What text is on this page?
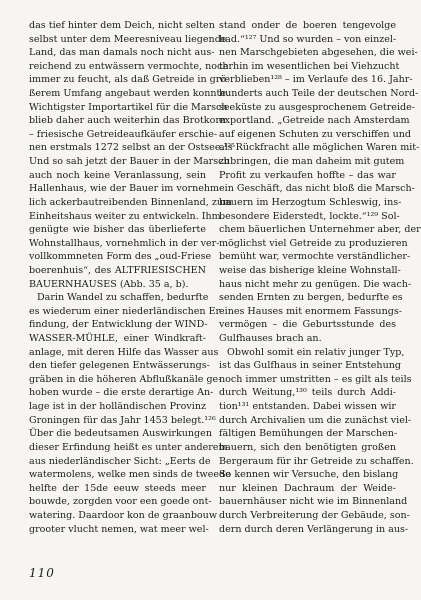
das tief hinter dem Deich, nicht selten
selbst unter dem Meeresniveau liegende
Land, das man damals noch nicht aus-
reichend zu entwässern vermochte, noch
immer zu feucht, als daß Getreide in grö-
ßerem Umfang angebaut werden konnte.
Wichtigster Importartikel für die Marsch
blieb daher auch weiterhin das Brotkorn
– friesische Getreideaufkäufer erschie-
nen erstmals 1272 selbst an der Ostsee.¹²⁵
Und so sah jetzt der Bauer in der Marsch
auch noch keine Veranlassung, sein
Hallenhaus, wie der Bauer im vornehm-
lich ackerbautreibenden Binnenland, zum
Einheitshaus weiter zu entwickeln. Ihm
genügte wie bisher das überlieferte
Wohnstallhaus, vornehmlich in der ver-
vollkommneten Form des „oud-Friese
boerenhuis“, des ALTFRIESISCHEN
BAUERNHAUSES (Abb. 35 a, b).
Darin Wandel zu schaffen, bedurfte
es wiederum einer niederländischen Er-
findung, der Entwicklung der WIND-
WASSER-MÜHLE, einer Windkraft-
anlage, mit deren Hilfe das Wasser aus
den tiefer gelegenen Entwässerungs-
gräben in die höheren Abflußkanäle ge-
hoben wurde – die erste derartige An-
lage ist in der holländischen Provinz
Groningen für das Jahr 1453 belegt.¹²⁶
Über die bedeutsamen Auswirkungen
dieser Erfindung heißt es unter anderem
aus niederländischer Sicht: „Eerts de
watermolens, welke men sinds de tweede
helfte der 15de eeuw steeds meer
bouwde, zorgden voor een goede ont-
watering. Daardoor kon de graanbouw
grooter vlucht nemen, wat meer wel-
stand onder de boeren tengevolge
had.“¹²⁷ Und so wurden – von einzel-
nen Marschgebieten abgesehen, die wei-
terhin im wesentlichen bei Viehzucht
verblieben¹²⁸ – im Verlaufe des 16. Jahr-
hunderts auch Teile der deutschen Nord-
seeküste zu ausgesprochenem Getreide-
exportland. „Getreide nach Amsterdam
auf eigenen Schuten zu verschiffen und
als Rückfracht alle möglichen Waren mit-
zubringen, die man daheim mit gutem
Profit zu verkaufen hoffte – das war
ein Geschäft, das nicht bloß die Marsch-
bauern im Herzogtum Schleswig, ins-
besondere Eiderstedt, lockte.“¹²⁹ Sol-
chem bäuerlichen Unternehmer aber, der
möglichst viel Getreide zu produzieren
bemüht war, vermochte verständlicher-
weise das bisherige kleine Wohnstall-
haus nicht mehr zu genügen. Die wach-
senden Ernten zu bergen, bedurfte es
eines Hauses mit enormem Fassungs-
vermögen – die Geburtsstunde des
Gulfhauses brach an.
Obwohl somit ein relativ junger Typ,
ist das Gulfhaus in seiner Entstehung
noch immer umstritten – es gilt als teils
durch Weitung,¹³⁰ teils durch Addi-
tion¹³¹ entstanden. Dabei wissen wir
durch Archivalien um die zunächst viel-
fältigen Bemühungen der Marschen-
bauern, sich den benötigten großen
Bergeraum für ihr Getreide zu schaffen.
So kennen wir Versuche, den bislang
nur kleinen Dachraum der Weide-
bauernhäuser nicht wie im Binnenland
durch Verbreiterung der Gebäude, son-
dern durch deren Verlängerung in aus-
110
